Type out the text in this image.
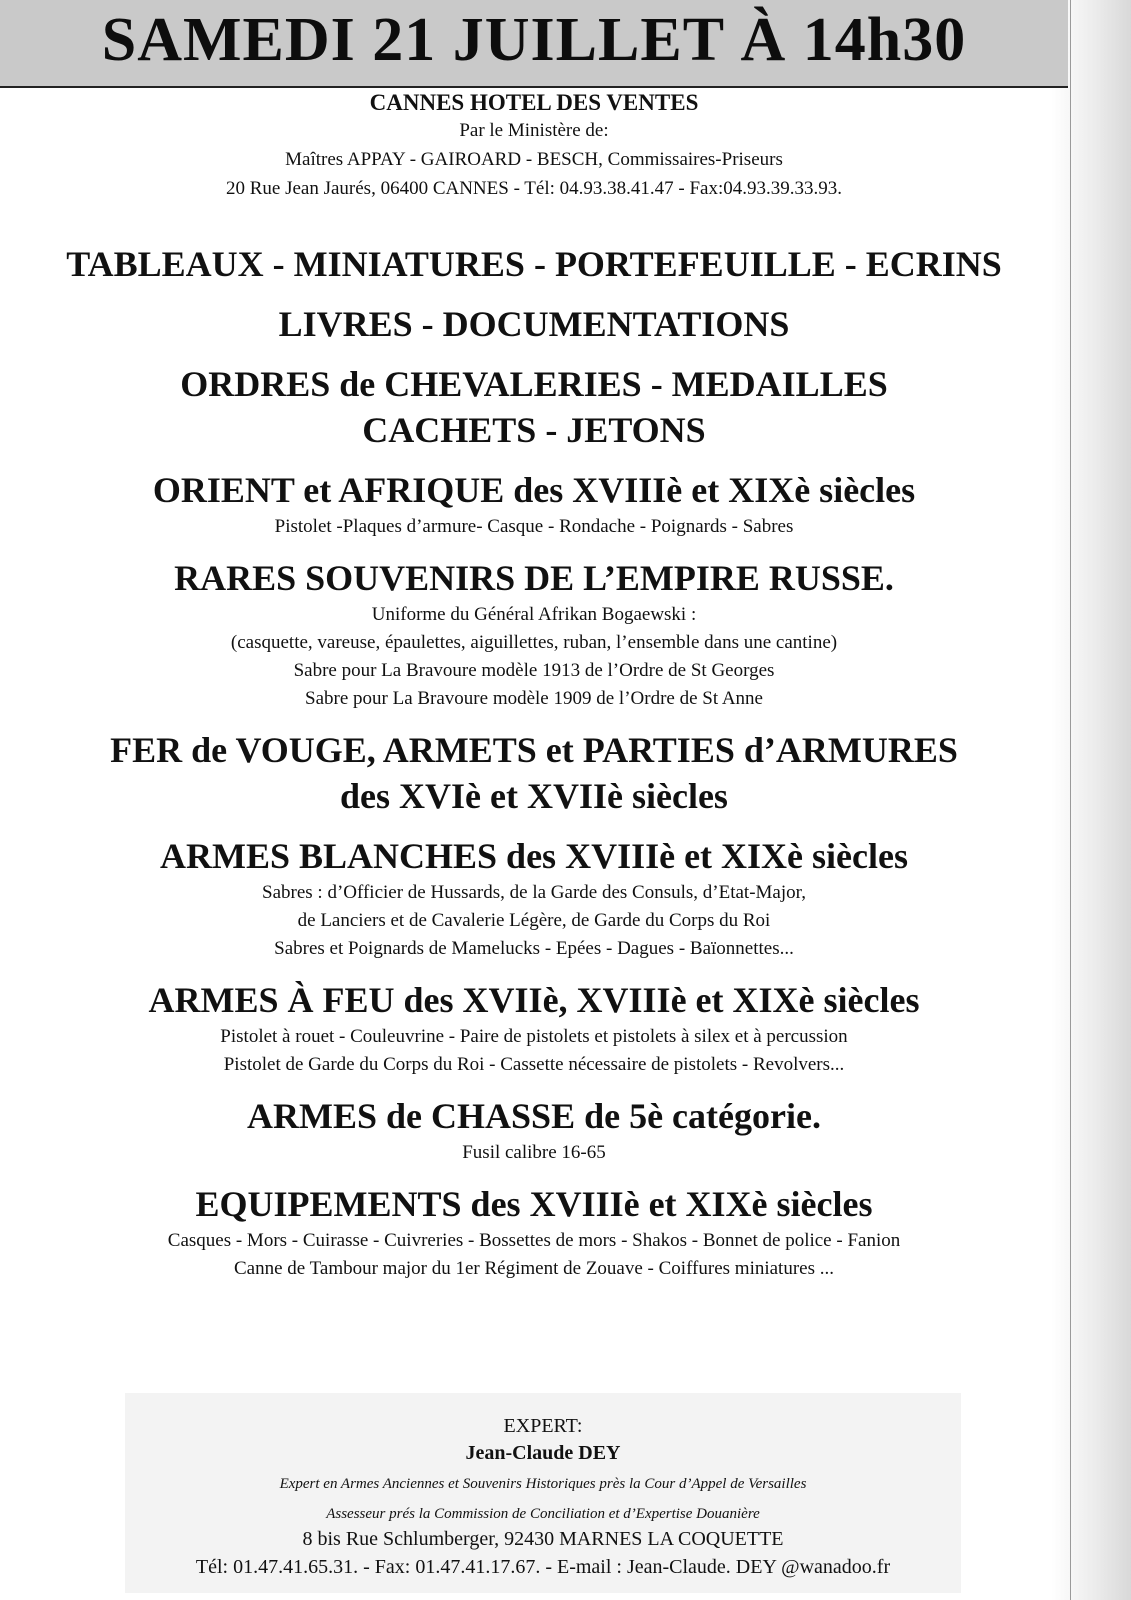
SAMEDI 21 JUILLET À 14h30
CANNES HOTEL DES VENTES
Par le Ministère de:
Maîtres APPAY - GAIROARD - BESCH, Commissaires-Priseurs
20 Rue Jean Jaurés, 06400 CANNES - Tél: 04.93.38.41.47 - Fax:04.93.39.33.93.
TABLEAUX - MINIATURES - PORTEFEUILLE - ECRINS
LIVRES - DOCUMENTATIONS
ORDRES de CHEVALERIES - MEDAILLES
CACHETS - JETONS
ORIENT et AFRIQUE des XVIIIè et XIXè siècles
Pistolet -Plaques d’armure- Casque - Rondache - Poignards - Sabres
RARES SOUVENIRS DE L’EMPIRE RUSSE.
Uniforme du Général Afrikan Bogaewski :
(casquette, vareuse, épaulettes, aiguillettes, ruban, l’ensemble dans une cantine)
Sabre pour La Bravoure modèle 1913 de l’Ordre de St Georges
Sabre pour La Bravoure modèle 1909 de l’Ordre de St Anne
FER de VOUGE, ARMETS et PARTIES d’ARMURES
des XVIè et XVIIè siècles
ARMES BLANCHES des XVIIIè et XIXè siècles
Sabres : d’Officier de Hussards, de la Garde des Consuls, d’Etat-Major,
de Lanciers et de Cavalerie Légère, de Garde du Corps du Roi
Sabres et Poignards de Mamelucks - Epées - Dagues - Baïonnettes...
ARMES À FEU des XVIIè, XVIIIè et XIXè siècles
Pistolet à rouet - Couleuvrine - Paire de pistolets et pistolets à silex et à percussion
Pistolet de Garde du Corps du Roi - Cassette nécessaire de pistolets - Revolvers...
ARMES de CHASSE de 5è catégorie.
Fusil calibre 16-65
EQUIPEMENTS des XVIIIè et XIXè siècles
Casques - Mors - Cuirasse - Cuivreries - Bossettes de mors - Shakos - Bonnet de police - Fanion
Canne de Tambour major du 1er Régiment de Zouave - Coiffures miniatures ...
EXPERT:
Jean-Claude DEY
Expert en Armes Anciennes et Souvenirs Historiques près la Cour d’Appel de Versailles
Assesseur prés la Commission de Conciliation et d’Expertise Douanière
8 bis Rue Schlumberger, 92430 MARNES LA COQUETTE
Tél: 01.47.41.65.31. - Fax: 01.47.41.17.67. - E-mail : Jean-Claude. DEY @wanadoo.fr
